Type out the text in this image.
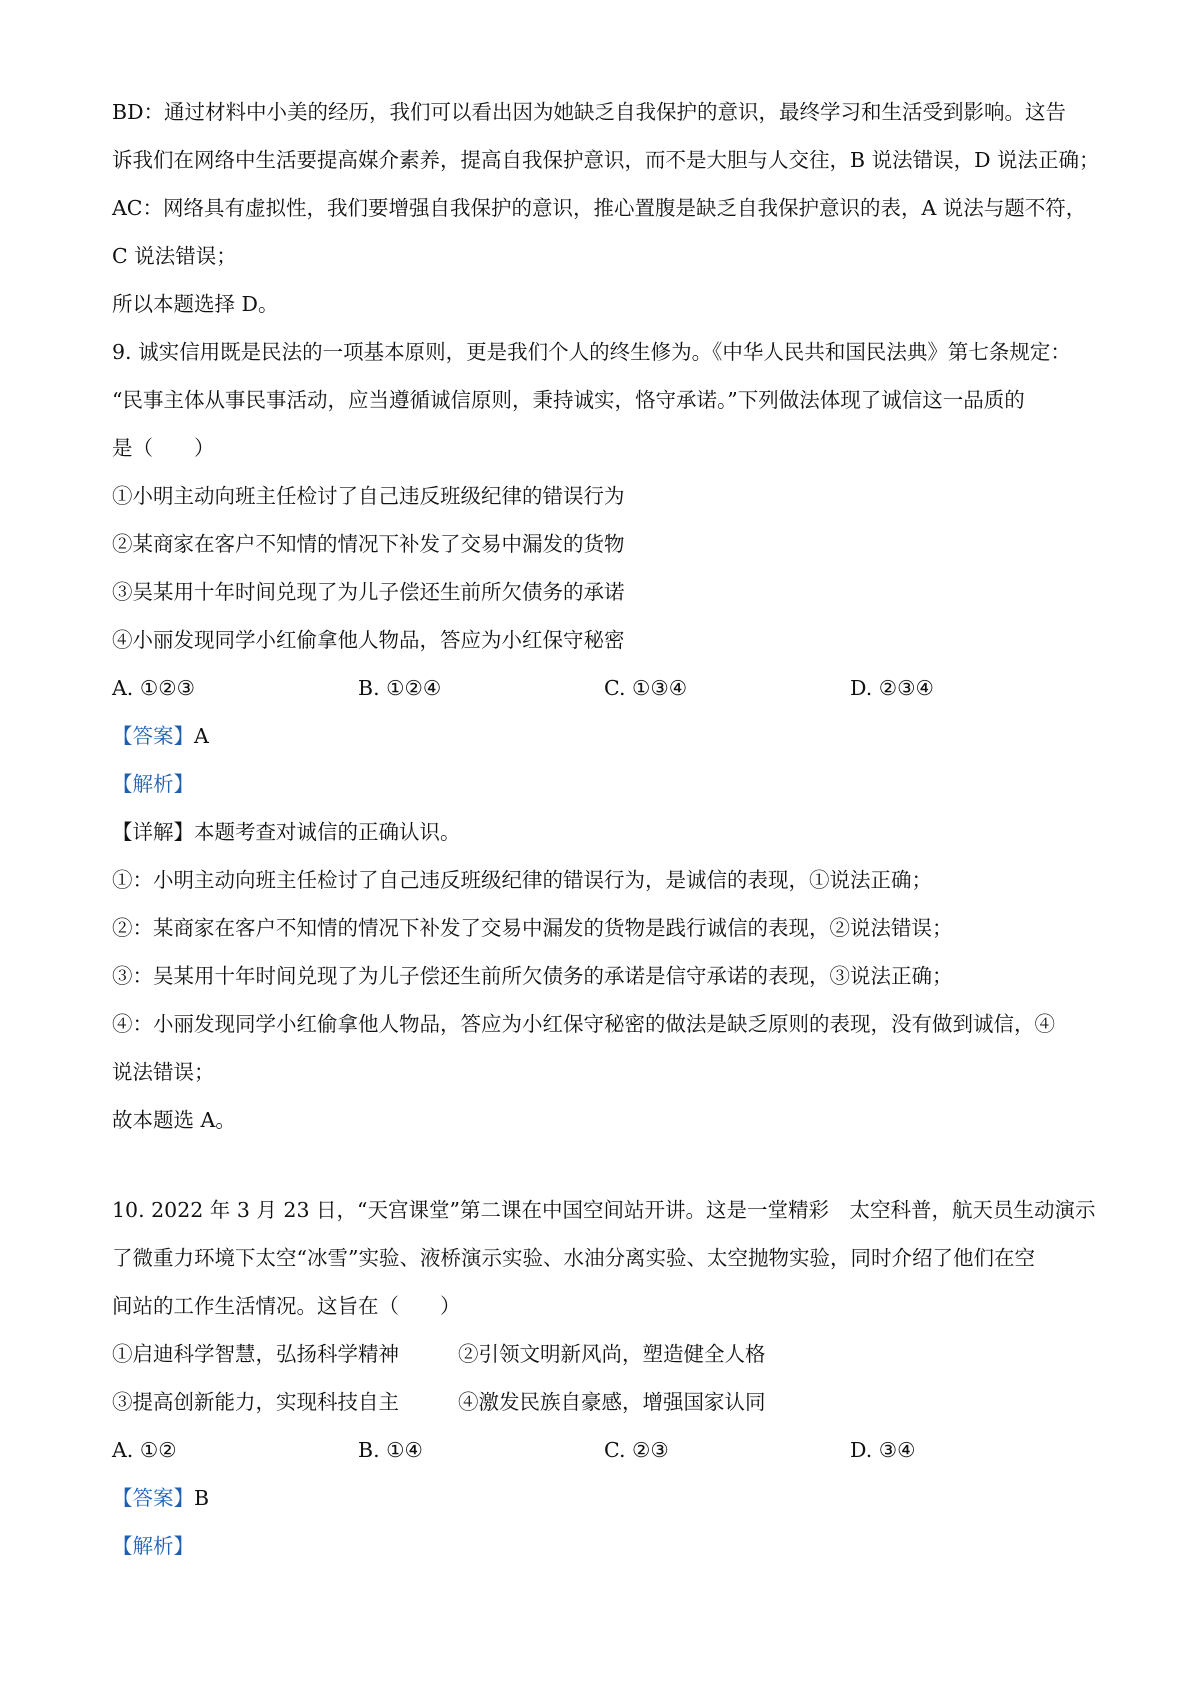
BD：通过材料中小美的经历，我们可以看出因为她缺乏自我保护的意识，最终学习和生活受到影响。这告
诉我们在网络中生活要提高媒介素养，提高自我保护意识，而不是大胆与人交往，B 说法错误，D 说法正确；
AC：网络具有虚拟性，我们要增强自我保护的意识，推心置腹是缺乏自我保护意识的表，A 说法与题不符，
C 说法错误；
所以本题选择 D。
9. 诚实信用既是民法的一项基本原则，更是我们个人的终生修为。《中华人民共和国民法典》第七条规定：
“民事主体从事民事活动，应当遵循诚信原则，秉持诚实，恪守承诺。”下列做法体现了诚信这一品质的
是（　　）
①小明主动向班主任检讨了自己违反班级纪律的错误行为
②某商家在客户不知情的情况下补发了交易中漏发的货物
③吴某用十年时间兑现了为儿子偿还生前所欠债务的承诺
④小丽发现同学小红偷拿他人物品，答应为小红保守秘密
A. ①②③	B. ①②④	C. ①③④	D. ②③④
【答案】A
【解析】
【详解】本题考查对诚信的正确认识。
①：小明主动向班主任检讨了自己违反班级纪律的错误行为，是诚信的表现，①说法正确；
②：某商家在客户不知情的情况下补发了交易中漏发的货物是践行诚信的表现，②说法错误；
③：吴某用十年时间兑现了为儿子偿还生前所欠债务的承诺是信守承诺的表现，③说法正确；
④：小丽发现同学小红偷拿他人物品，答应为小红保守秘密的做法是缺乏原则的表现，没有做到诚信，④
说法错误；
故本题选 A。
10. 2022 年 3 月 23 日，“天宫课堂”第二课在中国空间站开讲。这是一堂精彩　太空科普，航天员生动演示
了微重力环境下太空“冰雪”实验、液桥演示实验、水油分离实验、太空抛物实验，同时介绍了他们在空
间站的工作生活情况。这旨在（　　）
①启迪科学智慧，弘扬科学精神	②引领文明新风尚，塑造健全人格
③提高创新能力，实现科技自主	④激发民族自豪感，增强国家认同
A. ①②	B. ①④	C. ②③	D. ③④
【答案】B
【解析】
